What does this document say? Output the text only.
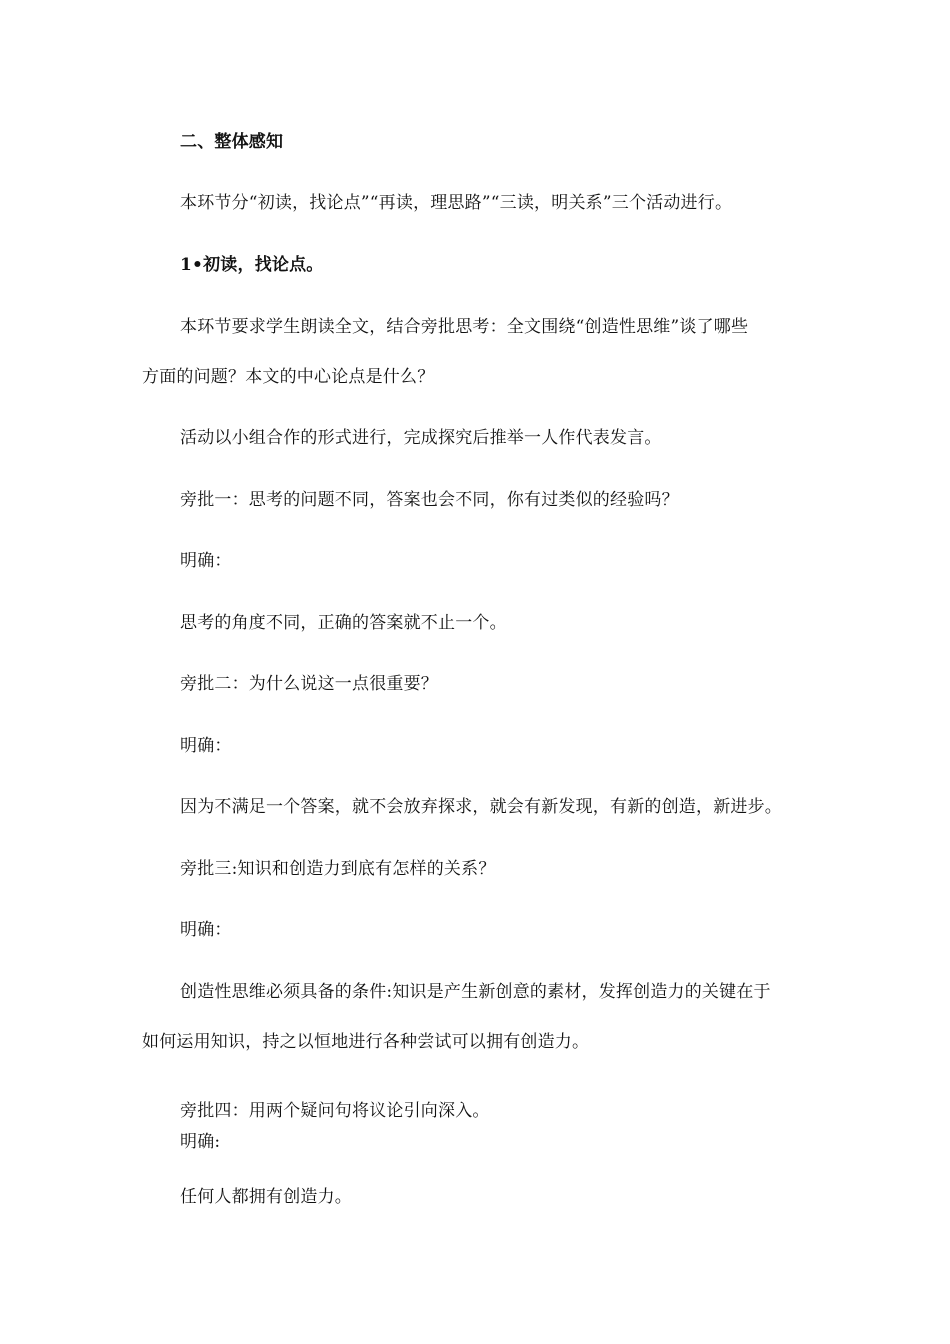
二、整体感知
本环节分“初读，找论点”“再读，理思路”“三读，明关系”三个活动进行。
1•初读，找论点。
本环节要求学生朗读全文，结合旁批思考：全文围绕“创造性思维”谈了哪些
方面的问题？本文的中心论点是什么？
活动以小组合作的形式进行，完成探究后推举一人作代表发言。
旁批一：思考的问题不同，答案也会不同，你有过类似的经验吗？
明确：
思考的角度不同，正确的答案就不止一个。
旁批二：为什么说这一点很重要？
明确：
因为不满足一个答案，就不会放弃探求，就会有新发现，有新的创造，新进步。
旁批三:知识和创造力到底有怎样的关系？
明确：
创造性思维必须具备的条件:知识是产生新创意的素材，发挥创造力的关键在于
如何运用知识，持之以恒地进行各种尝试可以拥有创造力。
旁批四：用两个疑问句将议论引向深入。
明确:
任何人都拥有创造力。
